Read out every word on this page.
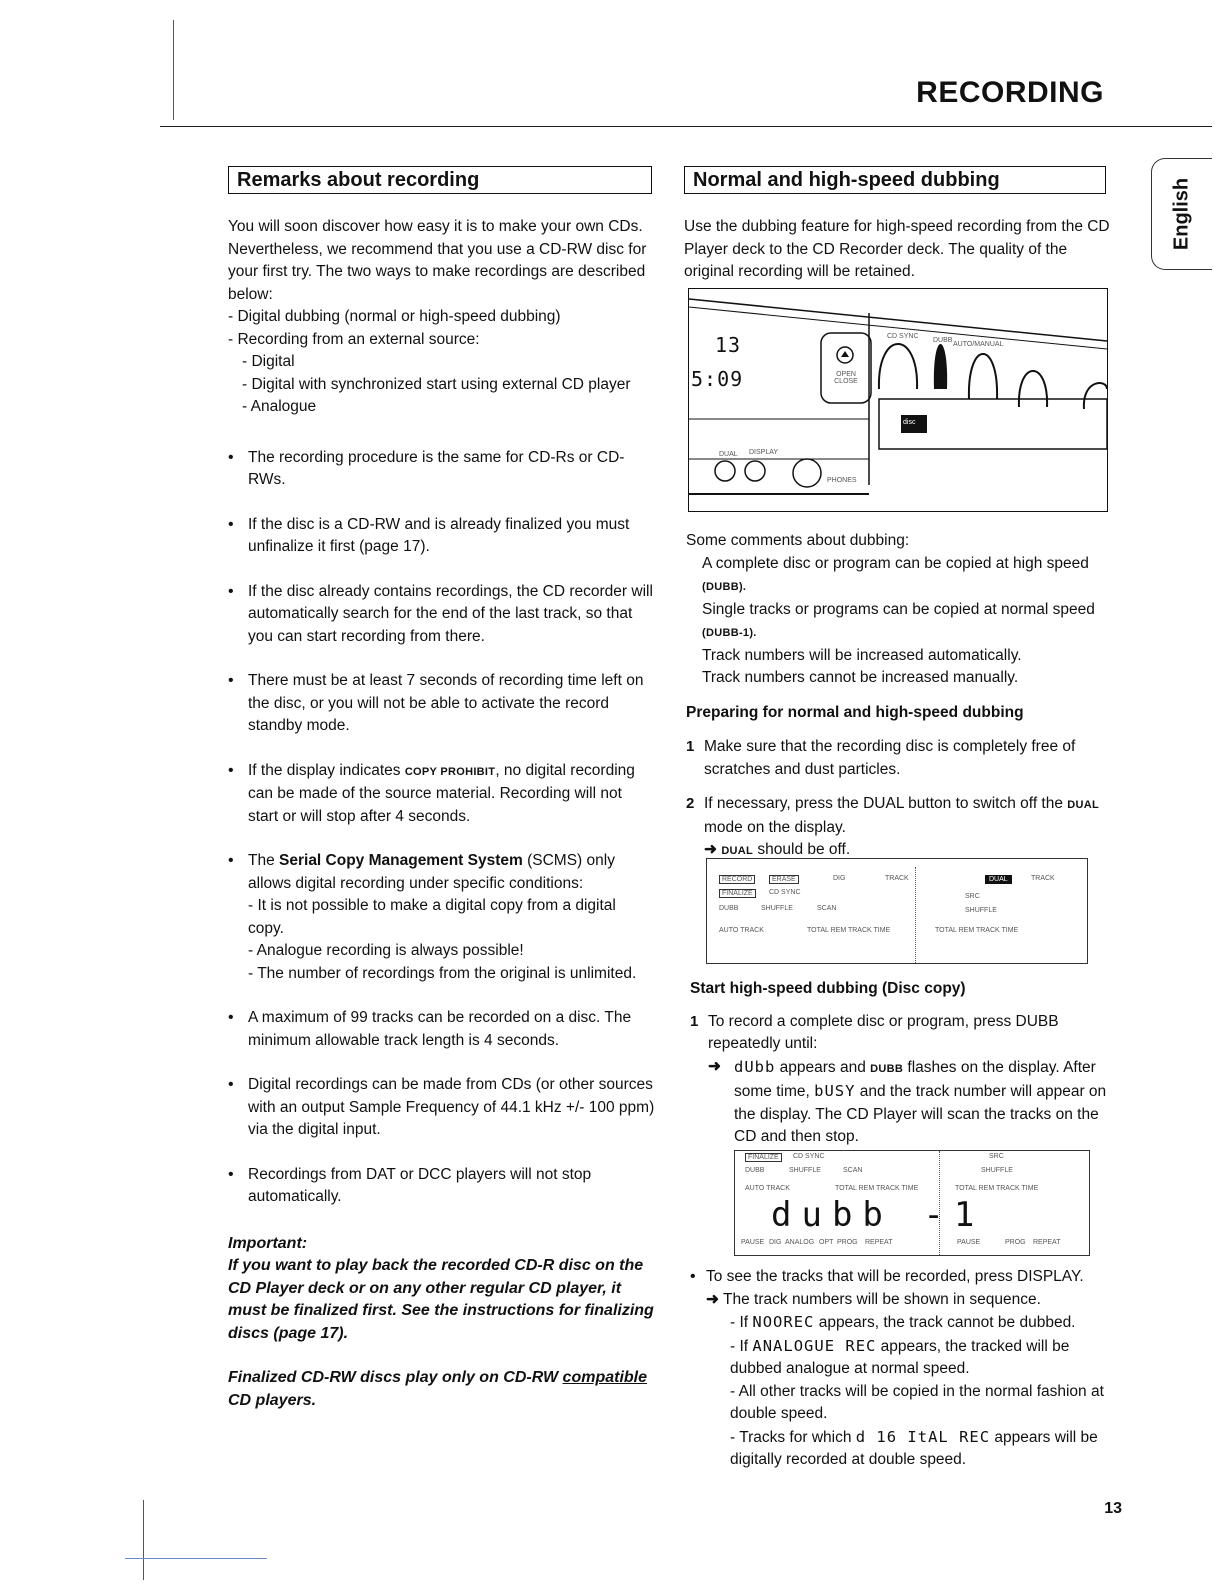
RECORDING
English
Remarks about recording

You will soon discover how easy it is to make your own CDs. Nevertheless, we recommend that you use a CD-RW disc for your first try. The two ways to make recordings are described below:

- Digital dubbing (normal or high-speed dubbing)

- Recording from an external source:

- Digital

- Digital with synchronized start using external CD player

- Analogue

• The recording procedure is the same for CD-Rs or CD-RWs.

• If the disc is a CD-RW and is already finalized you must unfinalize it first (page 17).

• If the disc already contains recordings, the CD recorder will automatically search for the end of the last track, so that you can start recording from there.

• There must be at least 7 seconds of recording time left on the disc, or you will not be able to activate the record standby mode.

• If the display indicates COPY PROHIBIT, no digital recording can be made of the source material. Recording will not start or will stop after 4 seconds.

• The Serial Copy Management System (SCMS) only allows digital recording under specific conditions:

- It is not possible to make a digital copy from a digital copy.

- Analogue recording is always possible!

- The number of recordings from the original is unlimited.

• A maximum of 99 tracks can be recorded on a disc. The minimum allowable track length is 4 seconds.

• Digital recordings can be made from CDs (or other sources with an output Sample Frequency of 44.1 kHz +/- 100 ppm) via the digital input.

• Recordings from DAT or DCC players will not stop automatically.

Important:

If you want to play back the recorded CD-R disc on the CD Player deck or on any other regular CD player, it must be finalized first. See the instructions for finalizing discs (page 17).

Finalized CD-RW discs play only on CD-RW compatible CD players.

Normal and high-speed dubbing

Use the dubbing feature for high-speed recording from the CD Player deck to the CD Recorder deck. The quality of the original recording will be retained.

13
5:09
CD SYNC
DUBB
AUTO/MANUAL
OPEN CLOSE
DUAL DISPLAY
PHONES
disc

Some comments about dubbing:

A complete disc or program can be copied at high speed
(DUBB).

Single tracks or programs can be copied at normal speed
(DUBB-1).

Track numbers will be increased automatically.

Track numbers cannot be increased manually.

Preparing for normal and high-speed dubbing

1 Make sure that the recording disc is completely free of scratches and dust particles.

2 If necessary, press the DUAL button to switch off the DUAL mode on the display.

➜ DUAL should be off.

RECORD	ERASE
FINALIZE	CD SYNC
DUBB	SHUFFLE	SCAN
DIG	TRACK
AUTO TRACK	TOTAL REM TRACK TIME
DUAL	TRACK
SRC
SHUFFLE
TOTAL REM TRACK TIME

Start high-speed dubbing (Disc copy)

1 To record a complete disc or program, press DUBB repeatedly until:

➜ dUbb appears and DUBB flashes on the display. After some time, bUSY and the track number will appear on the display. The CD Player will scan the tracks on the CD and then stop.

FINALIZE	CD SYNC
DUBB	SHUFFLE	SCAN
AUTO TRACK	TOTAL REM TRACK TIME
dubb -1
PAUSE DIG ANALOG OPT PROG REPEAT
SRC
SHUFFLE
TOTAL REM TRACK TIME
PAUSE	PROG REPEAT

• To see the tracks that will be recorded, press DISPLAY.

➜ The track numbers will be shown in sequence.

- If NOOREC appears, the track cannot be dubbed.

- If ANALOGUE REC appears, the tracked will be dubbed analogue at normal speed.

- All other tracks will be copied in the normal fashion at double speed.

- Tracks for which d 16 ItAL REC appears will be digitally recorded at double speed.

13
